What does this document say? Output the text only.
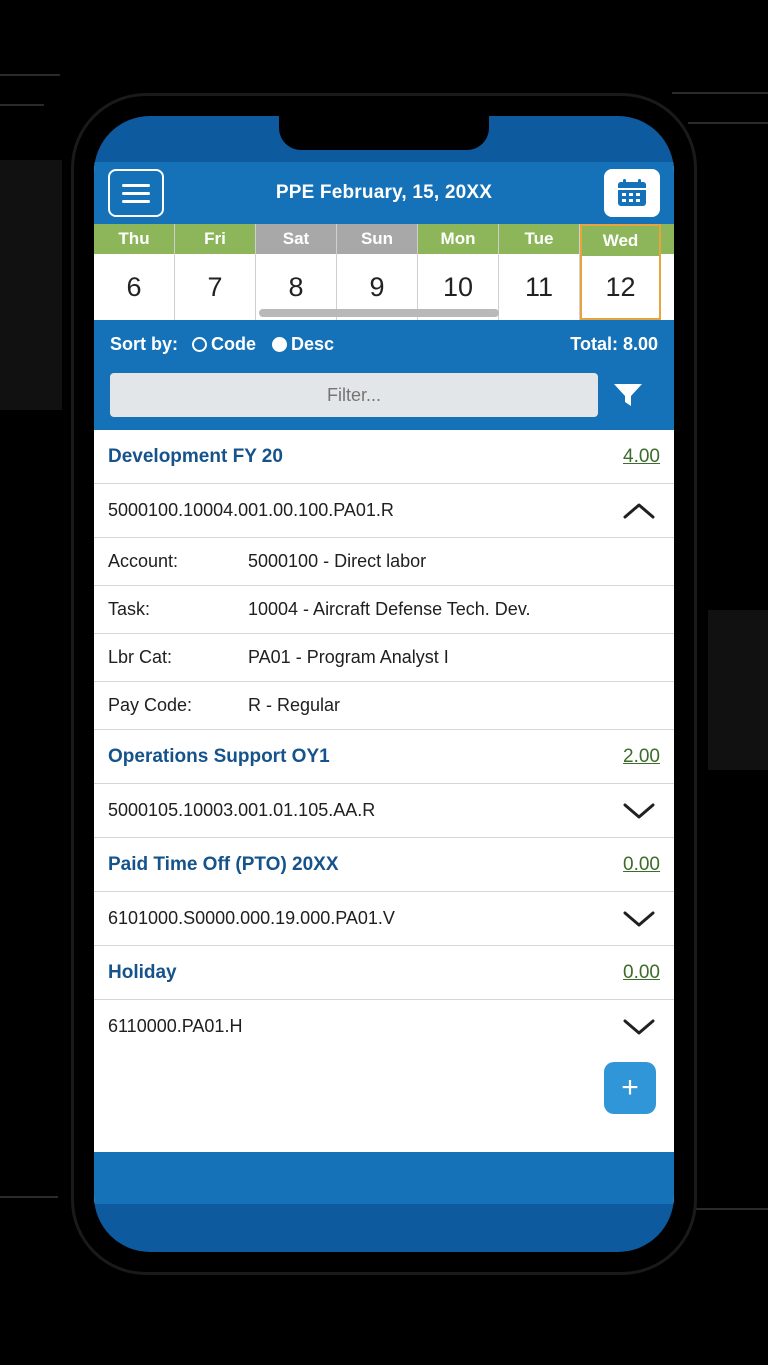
PPE February, 15, 20XX
Thu
6
Fri
7
Sat
8
Sun
9
Mon
10
Tue
11
Wed
12
Sort by: Code Desc	Total: 8.00
Filter...
Development FY 20	4.00
5000100.10004.001.00.100.PA01.R
Account:	5000100 - Direct labor
Task:	10004 - Aircraft Defense Tech. Dev.
Lbr Cat:	PA01 - Program Analyst I
Pay Code:	R - Regular
Operations Support OY1	2.00
5000105.10003.001.01.105.AA.R
Paid Time Off (PTO) 20XX	0.00
6101000.S0000.000.19.000.PA01.V
Holiday	0.00
6110000.PA01.H
+
